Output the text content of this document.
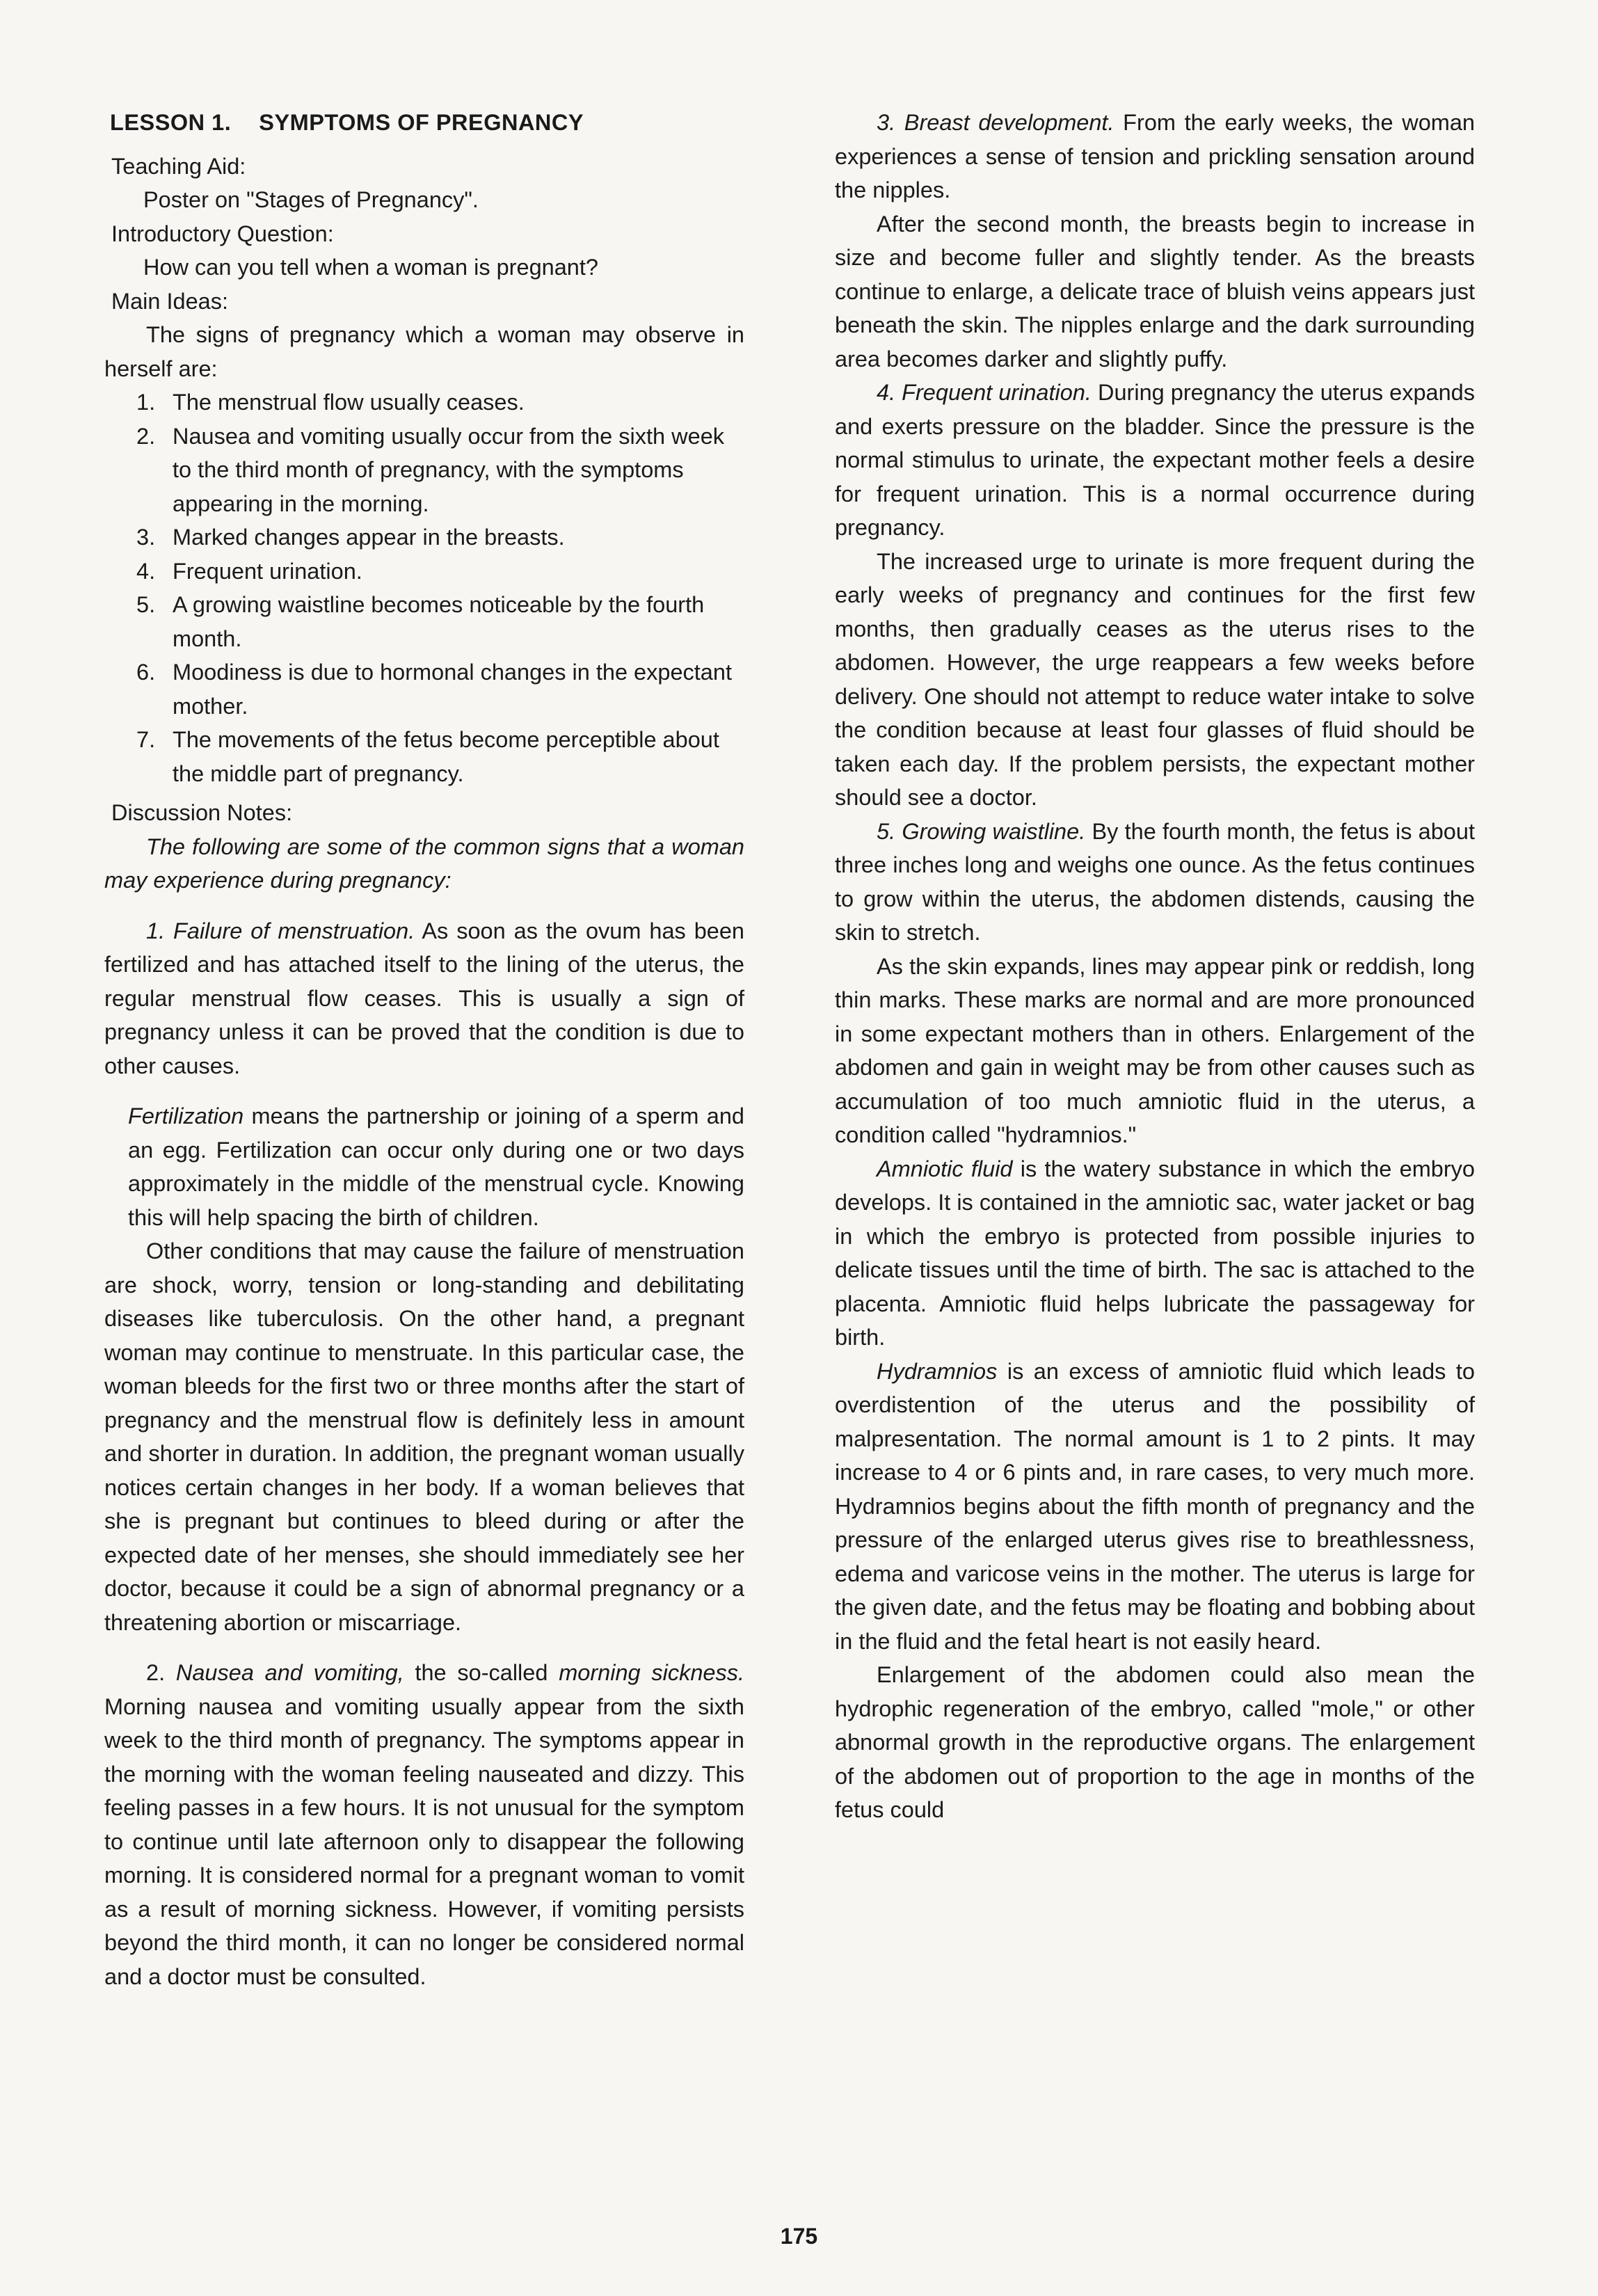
LESSON 1. SYMPTOMS OF PREGNANCY

Teaching Aid:

Poster on "Stages of Pregnancy".

Introductory Question:

How can you tell when a woman is pregnant?

Main Ideas:

The signs of pregnancy which a woman may observe in herself are:

1. The menstrual flow usually ceases.
2. Nausea and vomiting usually occur from the sixth week to the third month of pregnancy, with the symptoms appearing in the morning.
3. Marked changes appear in the breasts.
4. Frequent urination.
5. A growing waistline becomes noticeable by the fourth month.
6. Moodiness is due to hormonal changes in the expectant mother.
7. The movements of the fetus become perceptible about the middle part of pregnancy.

Discussion Notes:

The following are some of the common signs that a woman may experience during pregnancy:

1. Failure of menstruation. As soon as the ovum has been fertilized and has attached itself to the lining of the uterus, the regular menstrual flow ceases. This is usually a sign of pregnancy unless it can be proved that the condition is due to other causes.

Fertilization means the partnership or joining of a sperm and an egg. Fertilization can occur only during one or two days approximately in the middle of the menstrual cycle. Knowing this will help spacing the birth of children.

Other conditions that may cause the failure of menstruation are shock, worry, tension or long-standing and debilitating diseases like tuberculosis. On the other hand, a pregnant woman may continue to menstruate. In this particular case, the woman bleeds for the first two or three months after the start of pregnancy and the menstrual flow is definitely less in amount and shorter in duration. In addition, the pregnant woman usually notices certain changes in her body. If a woman believes that she is pregnant but continues to bleed during or after the expected date of her menses, she should immediately see her doctor, because it could be a sign of abnormal pregnancy or a threatening abortion or miscarriage.

2. Nausea and vomiting, the so-called morning sickness. Morning nausea and vomiting usually appear from the sixth week to the third month of pregnancy. The symptoms appear in the morning with the woman feeling nauseated and dizzy. This feeling passes in a few hours. It is not unusual for the symptom to continue until late afternoon only to disappear the following morning. It is considered normal for a pregnant woman to vomit as a result of morning sickness. However, if vomiting persists beyond the third month, it can no longer be considered normal and a doctor must be consulted.

3. Breast development. From the early weeks, the woman experiences a sense of tension and prickling sensation around the nipples.

After the second month, the breasts begin to increase in size and become fuller and slightly tender. As the breasts continue to enlarge, a delicate trace of bluish veins appears just beneath the skin. The nipples enlarge and the dark surrounding area becomes darker and slightly puffy.

4. Frequent urination. During pregnancy the uterus expands and exerts pressure on the bladder. Since the pressure is the normal stimulus to urinate, the expectant mother feels a desire for frequent urination. This is a normal occurrence during pregnancy.

The increased urge to urinate is more frequent during the early weeks of pregnancy and continues for the first few months, then gradually ceases as the uterus rises to the abdomen. However, the urge reappears a few weeks before delivery. One should not attempt to reduce water intake to solve the condition because at least four glasses of fluid should be taken each day. If the problem persists, the expectant mother should see a doctor.

5. Growing waistline. By the fourth month, the fetus is about three inches long and weighs one ounce. As the fetus continues to grow within the uterus, the abdomen distends, causing the skin to stretch.

As the skin expands, lines may appear pink or reddish, long thin marks. These marks are normal and are more pronounced in some expectant mothers than in others. Enlargement of the abdomen and gain in weight may be from other causes such as accumulation of too much amniotic fluid in the uterus, a condition called "hydramnios."

Amniotic fluid is the watery substance in which the embryo develops. It is contained in the amniotic sac, water jacket or bag in which the embryo is protected from possible injuries to delicate tissues until the time of birth. The sac is attached to the placenta. Amniotic fluid helps lubricate the passageway for birth.

Hydramnios is an excess of amniotic fluid which leads to overdistention of the uterus and the possibility of malpresentation. The normal amount is 1 to 2 pints. It may increase to 4 or 6 pints and, in rare cases, to very much more. Hydramnios begins about the fifth month of pregnancy and the pressure of the enlarged uterus gives rise to breathlessness, edema and varicose veins in the mother. The uterus is large for the given date, and the fetus may be floating and bobbing about in the fluid and the fetal heart is not easily heard.

Enlargement of the abdomen could also mean the hydrophic regeneration of the embryo, called "mole," or other abnormal growth in the reproductive organs. The enlargement of the abdomen out of proportion to the age in months of the fetus could

175
